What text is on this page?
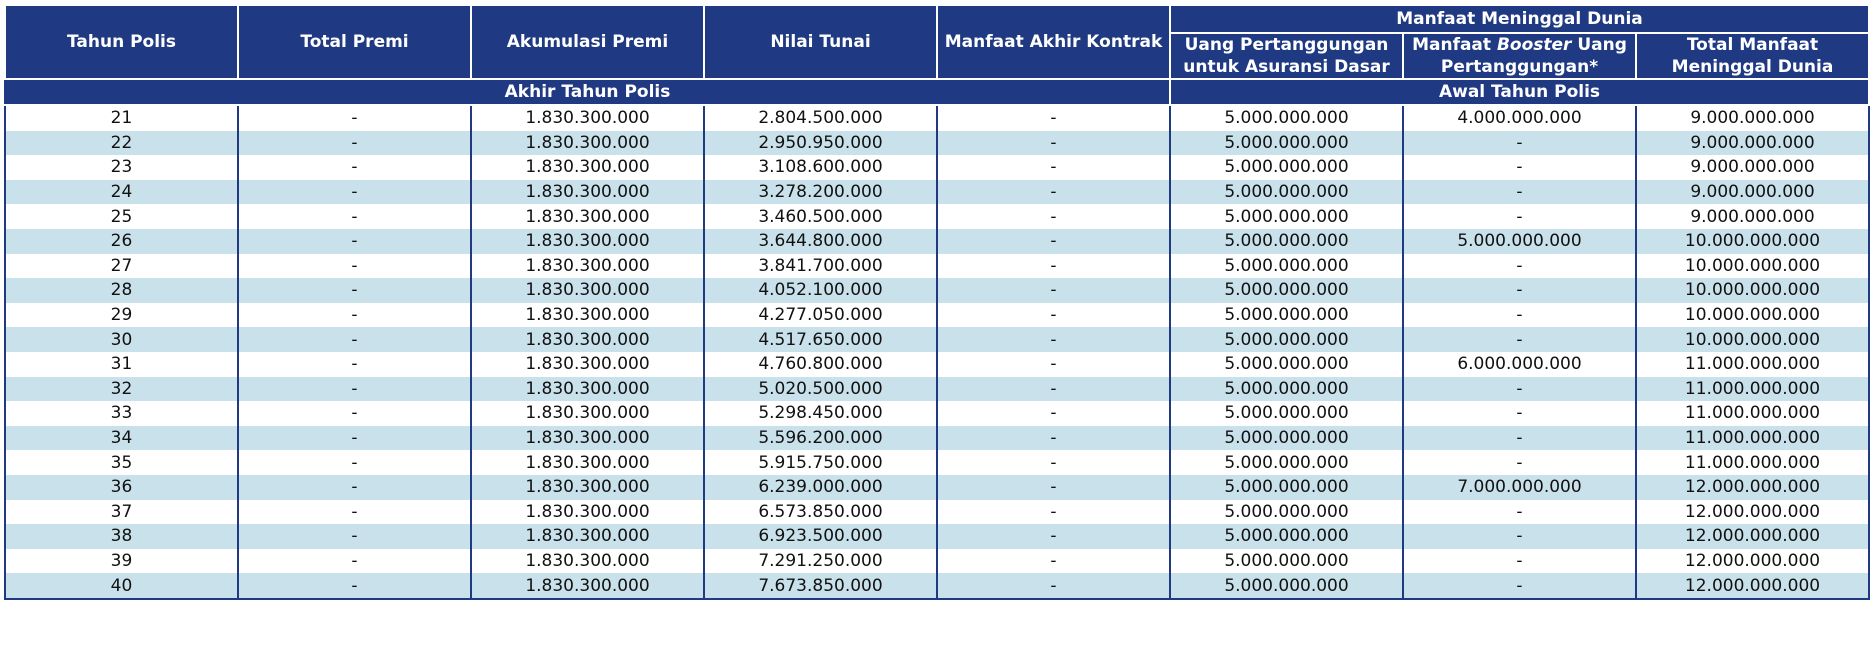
Tahun Polis	Total Premi	Akumulasi Premi	Nilai Tunai	Manfaat Akhir Kontrak	Manfaat Meninggal Dunia		
					Uang Pertanggungan untuk Asuransi Dasar	Manfaat Booster Uang Pertanggungan*	Total Manfaat Meninggal Dunia
Akhir Tahun Polis					Awal Tahun Polis		
21	-	1.830.300.000	2.804.500.000	-	5.000.000.000	4.000.000.000	9.000.000.000
22	-	1.830.300.000	2.950.950.000	-	5.000.000.000	-	9.000.000.000
23	-	1.830.300.000	3.108.600.000	-	5.000.000.000	-	9.000.000.000
24	-	1.830.300.000	3.278.200.000	-	5.000.000.000	-	9.000.000.000
25	-	1.830.300.000	3.460.500.000	-	5.000.000.000	-	9.000.000.000
26	-	1.830.300.000	3.644.800.000	-	5.000.000.000	5.000.000.000	10.000.000.000
27	-	1.830.300.000	3.841.700.000	-	5.000.000.000	-	10.000.000.000
28	-	1.830.300.000	4.052.100.000	-	5.000.000.000	-	10.000.000.000
29	-	1.830.300.000	4.277.050.000	-	5.000.000.000	-	10.000.000.000
30	-	1.830.300.000	4.517.650.000	-	5.000.000.000	-	10.000.000.000
31	-	1.830.300.000	4.760.800.000	-	5.000.000.000	6.000.000.000	11.000.000.000
32	-	1.830.300.000	5.020.500.000	-	5.000.000.000	-	11.000.000.000
33	-	1.830.300.000	5.298.450.000	-	5.000.000.000	-	11.000.000.000
34	-	1.830.300.000	5.596.200.000	-	5.000.000.000	-	11.000.000.000
35	-	1.830.300.000	5.915.750.000	-	5.000.000.000	-	11.000.000.000
36	-	1.830.300.000	6.239.000.000	-	5.000.000.000	7.000.000.000	12.000.000.000
37	-	1.830.300.000	6.573.850.000	-	5.000.000.000	-	12.000.000.000
38	-	1.830.300.000	6.923.500.000	-	5.000.000.000	-	12.000.000.000
39	-	1.830.300.000	7.291.250.000	-	5.000.000.000	-	12.000.000.000
40	-	1.830.300.000	7.673.850.000	-	5.000.000.000	-	12.000.000.000
